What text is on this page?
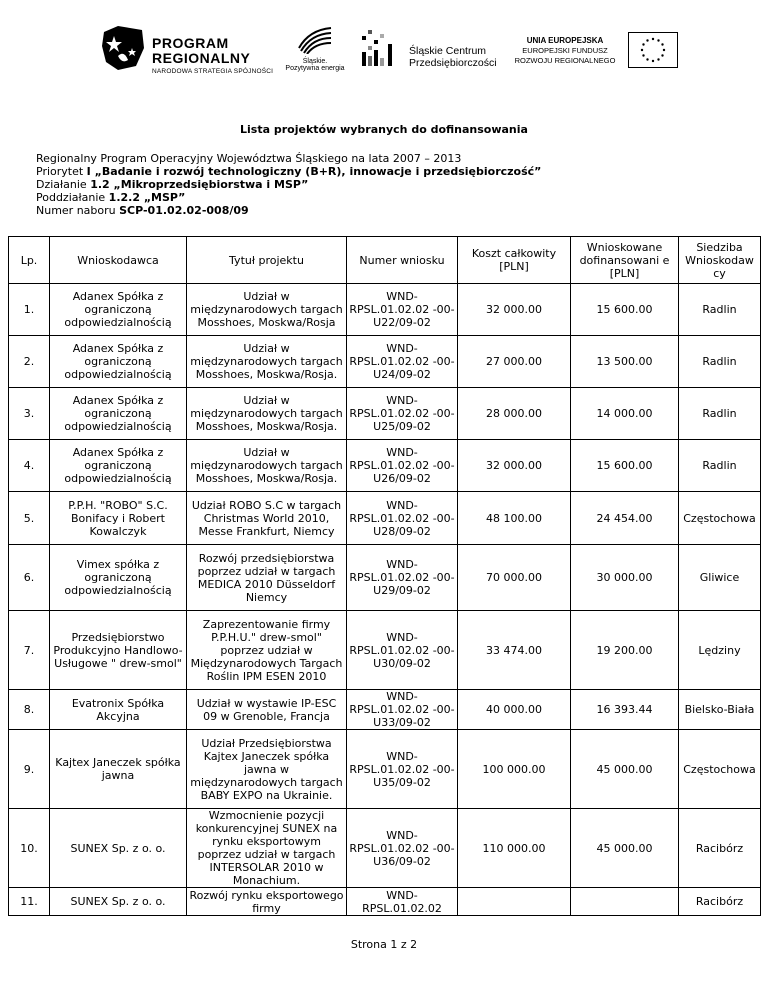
PROGRAM
REGIONALNY
NARODOWA STRATEGIA SPÓJNOŚCI
Śląskie.
Pozytywna energia
Śląskie Centrum
Przedsiębiorczości
UNIA EUROPEJSKA
EUROPEJSKI FUNDUSZ
ROZWOJU REGIONALNEGO
Lista projektów wybranych do dofinansowania
Regionalny Program Operacyjny Województwa Śląskiego na lata 2007 – 2013
Priorytet I „Badanie i rozwój technologiczny (B+R), innowacje i przedsiębiorczość”
Działanie 1.2 „Mikroprzedsiębiorstwa i MSP”
Poddziałanie 1.2.2 „MSP”
Numer naboru SCP-01.02.02-008/09
Lp.	Wnioskodawca	Tytuł projektu	Numer wniosku	Koszt całkowity [PLN]	Wnioskowane dofinansowani e [PLN]	Siedziba Wnioskodaw cy
1.	Adanex Spółka z ograniczoną odpowiedzialnością	Udział w międzynarodowych targach Mosshoes, Moskwa/Rosja	WND-RPSL.01.02.02 -00-U22/09-02	32 000.00	15 600.00	Radlin
2.	Adanex Spółka z ograniczoną odpowiedzialnością	Udział w międzynarodowych targach Mosshoes, Moskwa/Rosja.	WND-RPSL.01.02.02 -00-U24/09-02	27 000.00	13 500.00	Radlin
3.	Adanex Spółka z ograniczoną odpowiedzialnością	Udział w międzynarodowych targach Mosshoes, Moskwa/Rosja.	WND-RPSL.01.02.02 -00-U25/09-02	28 000.00	14 000.00	Radlin
4.	Adanex Spółka z ograniczoną odpowiedzialnością	Udział w międzynarodowych targach Mosshoes, Moskwa/Rosja.	WND-RPSL.01.02.02 -00-U26/09-02	32 000.00	15 600.00	Radlin
5.	P.P.H. "ROBO" S.C. Bonifacy i Robert Kowalczyk	Udział ROBO S.C w targach Christmas World 2010, Messe Frankfurt, Niemcy	WND-RPSL.01.02.02 -00-U28/09-02	48 100.00	24 454.00	Częstochowa
6.	Vimex spółka z ograniczoną odpowiedzialnością	Rozwój przedsiębiorstwa poprzez udział w targach MEDICA 2010 Düsseldorf Niemcy	WND-RPSL.01.02.02 -00-U29/09-02	70 000.00	30 000.00	Gliwice
7.	Przedsiębiorstwo Produkcyjno Handlowo-Usługowe " drew-smol"	Zaprezentowanie firmy P.P.H.U." drew-smol" poprzez udział w Międzynarodowych Targach Roślin IPM ESEN 2010	WND-RPSL.01.02.02 -00-U30/09-02	33 474.00	19 200.00	Lędziny
8.	Evatronix Spółka Akcyjna	Udział w wystawie IP-ESC 09 w Grenoble, Francja	WND-RPSL.01.02.02 -00-U33/09-02	40 000.00	16 393.44	Bielsko-Biała
9.	Kajtex Janeczek spółka jawna	Udział Przedsiębiorstwa Kajtex Janeczek spółka jawna w międzynarodowych targach BABY EXPO na Ukrainie.	WND-RPSL.01.02.02 -00-U35/09-02	100 000.00	45 000.00	Częstochowa
10.	SUNEX Sp. z o. o.	Wzmocnienie pozycji konkurencyjnej SUNEX na rynku eksportowym poprzez udział w targach INTERSOLAR 2010 w Monachium.	WND-RPSL.01.02.02 -00-U36/09-02	110 000.00	45 000.00	Racibórz
11.	SUNEX Sp. z o. o.	Rozwój rynku eksportowego firmy	WND-RPSL.01.02.02			Racibórz
Strona 1 z 2
